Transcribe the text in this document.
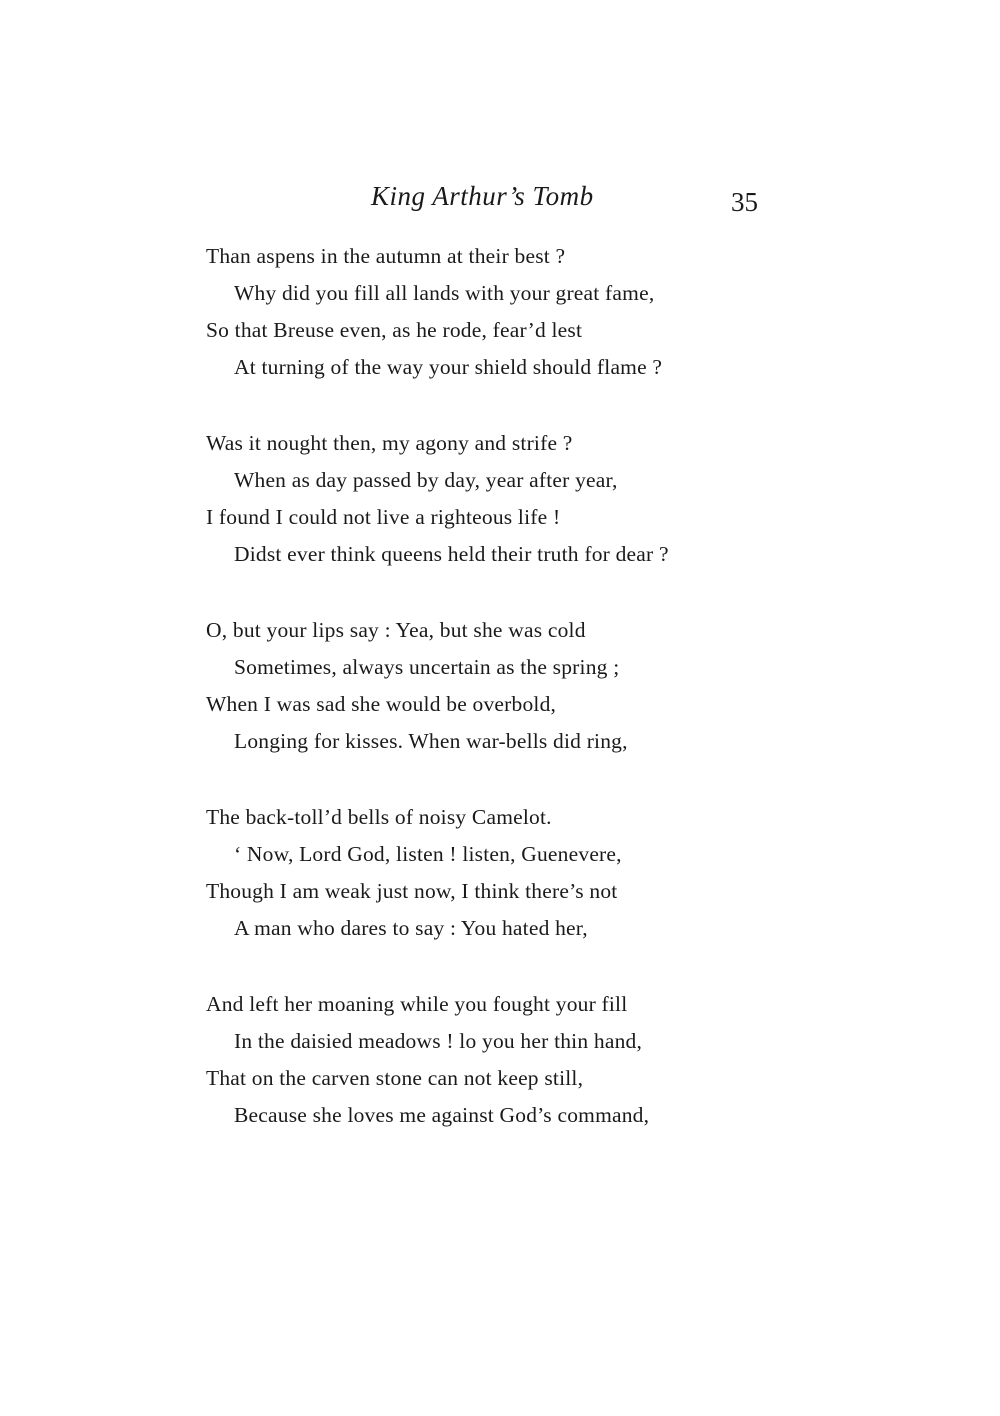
King Arthur’s Tomb	35
Than aspens in the autumn at their best ?
Why did you fill all lands with your great fame,
So that Breuse even, as he rode, fear’d lest
At turning of the way your shield should flame ?
Was it nought then, my agony and strife ?
When as day passed by day, year after year,
I found I could not live a righteous life !
Didst ever think queens held their truth for dear ?
O, but your lips say : Yea, but she was cold
Sometimes, always uncertain as the spring ;
When I was sad she would be overbold,
Longing for kisses. When war-bells did ring,
The back-toll’d bells of noisy Camelot.
‘ Now, Lord God, listen ! listen, Guenevere,
Though I am weak just now, I think there’s not
A man who dares to say : You hated her,
And left her moaning while you fought your fill
In the daisied meadows ! lo you her thin hand,
That on the carven stone can not keep still,
Because she loves me against God’s command,
